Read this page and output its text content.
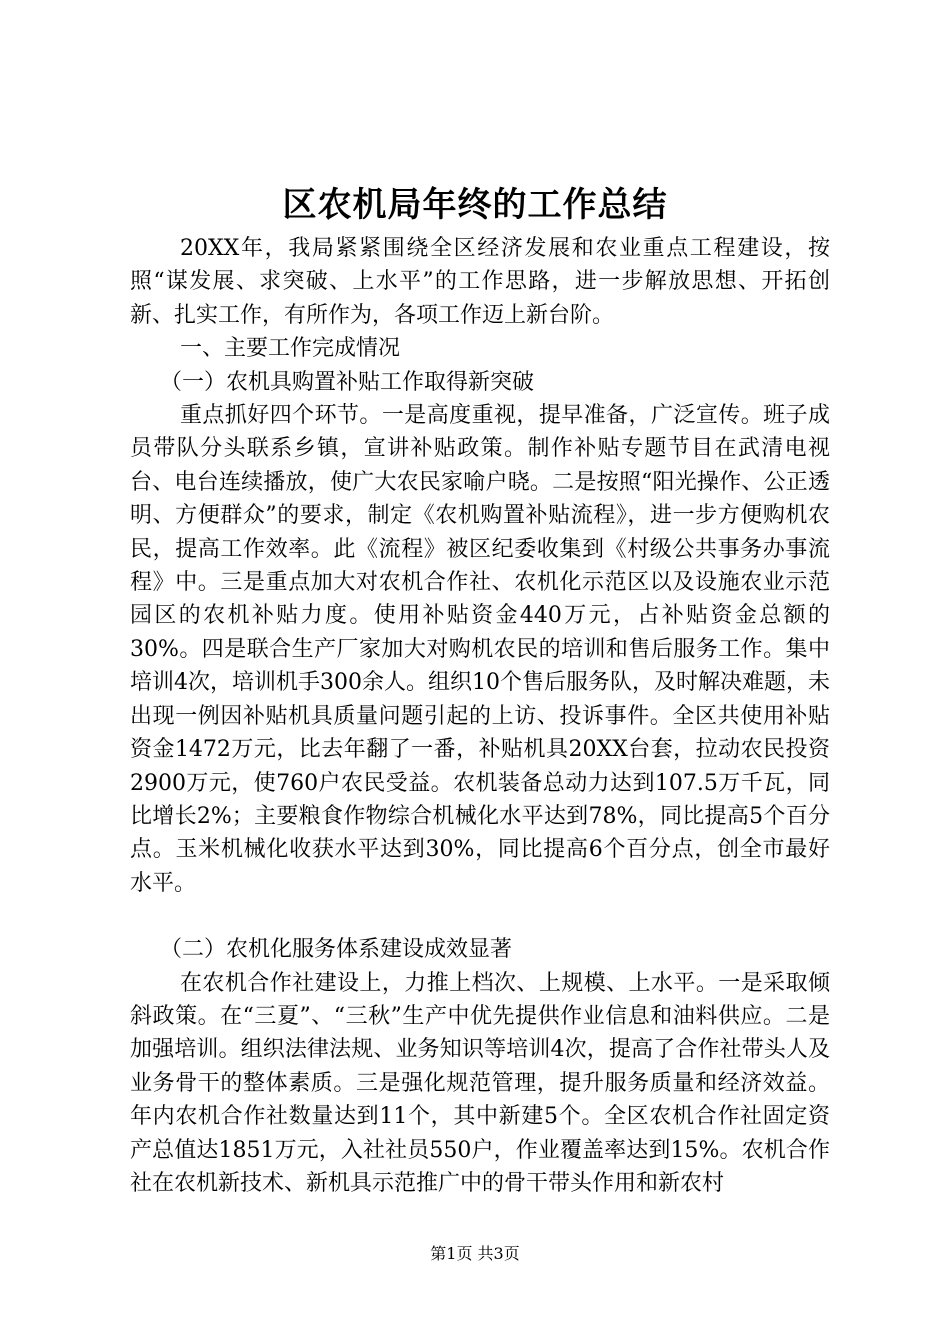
区农机局年终的工作总结

20XX年，我局紧紧围绕全区经济发展和农业重点工程建设，按照“谋发展、求突破、上水平”的工作思路，进一步解放思想、开拓创新、扎实工作，有所作为，各项工作迈上新台阶。

一、主要工作完成情况

（一）农机具购置补贴工作取得新突破

重点抓好四个环节。一是高度重视，提早准备，广泛宣传。班子成员带队分头联系乡镇，宣讲补贴政策。制作补贴专题节目在武清电视台、电台连续播放，使广大农民家喻户晓。二是按照“阳光操作、公正透明、方便群众”的要求，制定《农机购置补贴流程》，进一步方便购机农民，提高工作效率。此《流程》被区纪委收集到《村级公共事务办事流程》中。三是重点加大对农机合作社、农机化示范区以及设施农业示范园区的农机补贴力度。使用补贴资金440万元，占补贴资金总额的30%。四是联合生产厂家加大对购机农民的培训和售后服务工作。集中培训4次，培训机手300余人。组织10个售后服务队，及时解决难题，未出现一例因补贴机具质量问题引起的上访、投诉事件。全区共使用补贴资金1472万元，比去年翻了一番，补贴机具20XX台套，拉动农民投资2900万元，使760户农民受益。农机装备总动力达到107.5万千瓦，同比增长2%；主要粮食作物综合机械化水平达到78%，同比提高5个百分点。玉米机械化收获水平达到30%，同比提高6个百分点，创全市最好水平。

（二）农机化服务体系建设成效显著

在农机合作社建设上，力推上档次、上规模、上水平。一是采取倾斜政策。在“三夏”、“三秋”生产中优先提供作业信息和油料供应。二是加强培训。组织法律法规、业务知识等培训4次，提高了合作社带头人及业务骨干的整体素质。三是强化规范管理，提升服务质量和经济效益。年内农机合作社数量达到11个，其中新建5个。全区农机合作社固定资产总值达1851万元，入社社员550户，作业覆盖率达到15%。农机合作社在农机新技术、新机具示范推广中的骨干带头作用和新农村

第1页 共3页
